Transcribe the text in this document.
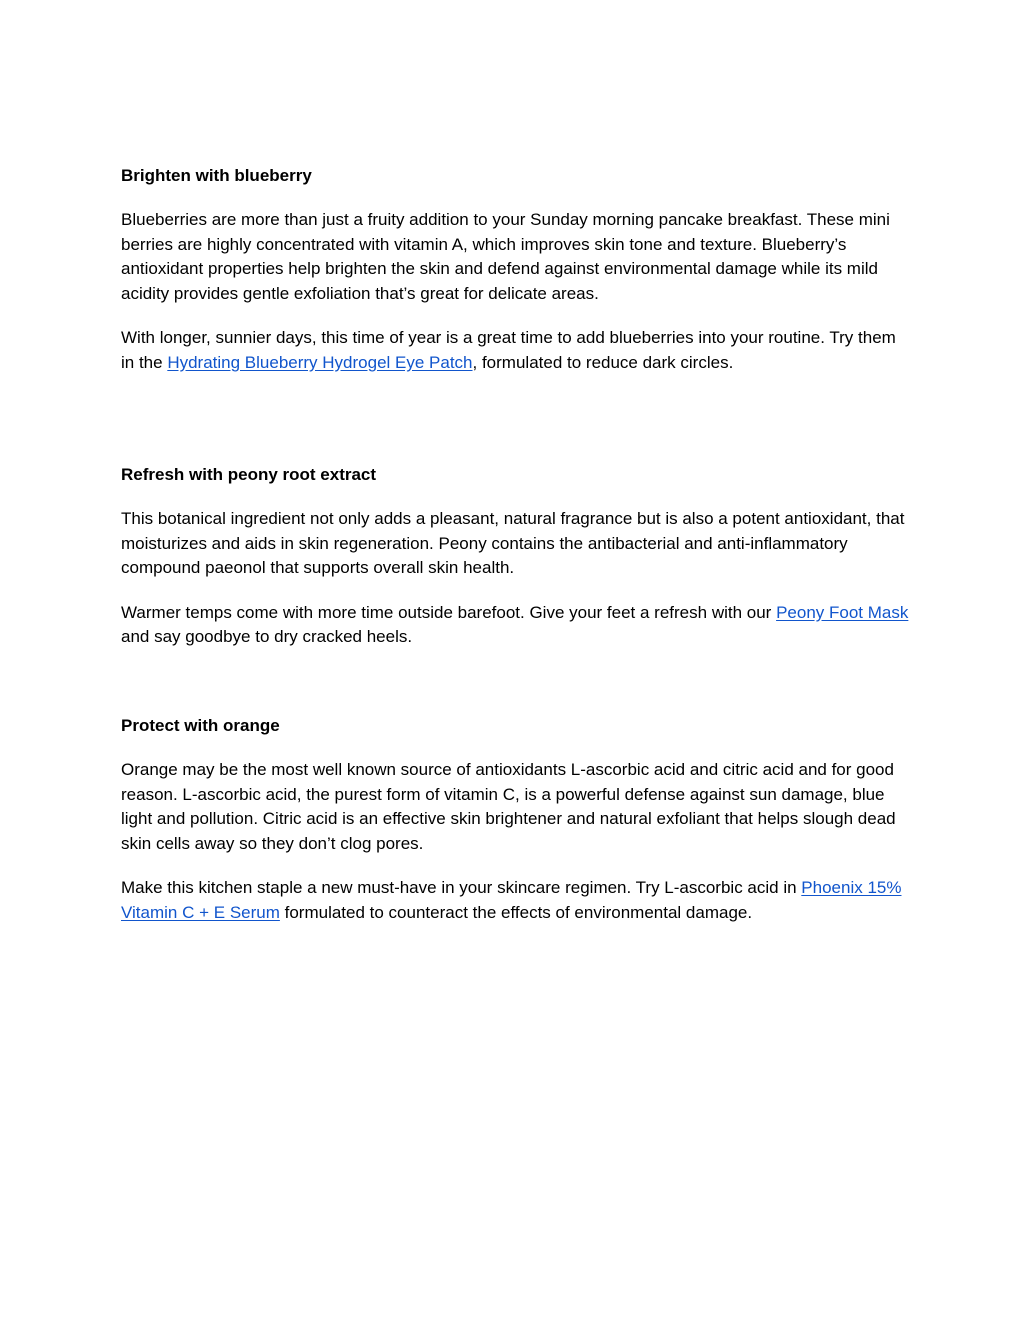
Brighten with blueberry

Blueberries are more than just a fruity addition to your Sunday morning pancake breakfast. These mini berries are highly concentrated with vitamin A, which improves skin tone and texture. Blueberry’s antioxidant properties help brighten the skin and defend against environmental damage while its mild acidity provides gentle exfoliation that’s great for delicate areas.

With longer, sunnier days, this time of year is a great time to add blueberries into your routine. Try them in the Hydrating Blueberry Hydrogel Eye Patch, formulated to reduce dark circles.

Refresh with peony root extract

This botanical ingredient not only adds a pleasant, natural fragrance but is also a potent antioxidant, that moisturizes and aids in skin regeneration. Peony contains the antibacterial and anti-inflammatory compound paeonol that supports overall skin health.

Warmer temps come with more time outside barefoot. Give your feet a refresh with our Peony Foot Mask and say goodbye to dry cracked heels.

Protect with orange

Orange may be the most well known source of antioxidants L-ascorbic acid and citric acid and for good reason. L-ascorbic acid, the purest form of vitamin C, is a powerful defense against sun damage, blue light and pollution. Citric acid is an effective skin brightener and natural exfoliant that helps slough dead skin cells away so they don’t clog pores.

Make this kitchen staple a new must-have in your skincare regimen. Try L-ascorbic acid in Phoenix 15% Vitamin C + E Serum formulated to counteract the effects of environmental damage.
